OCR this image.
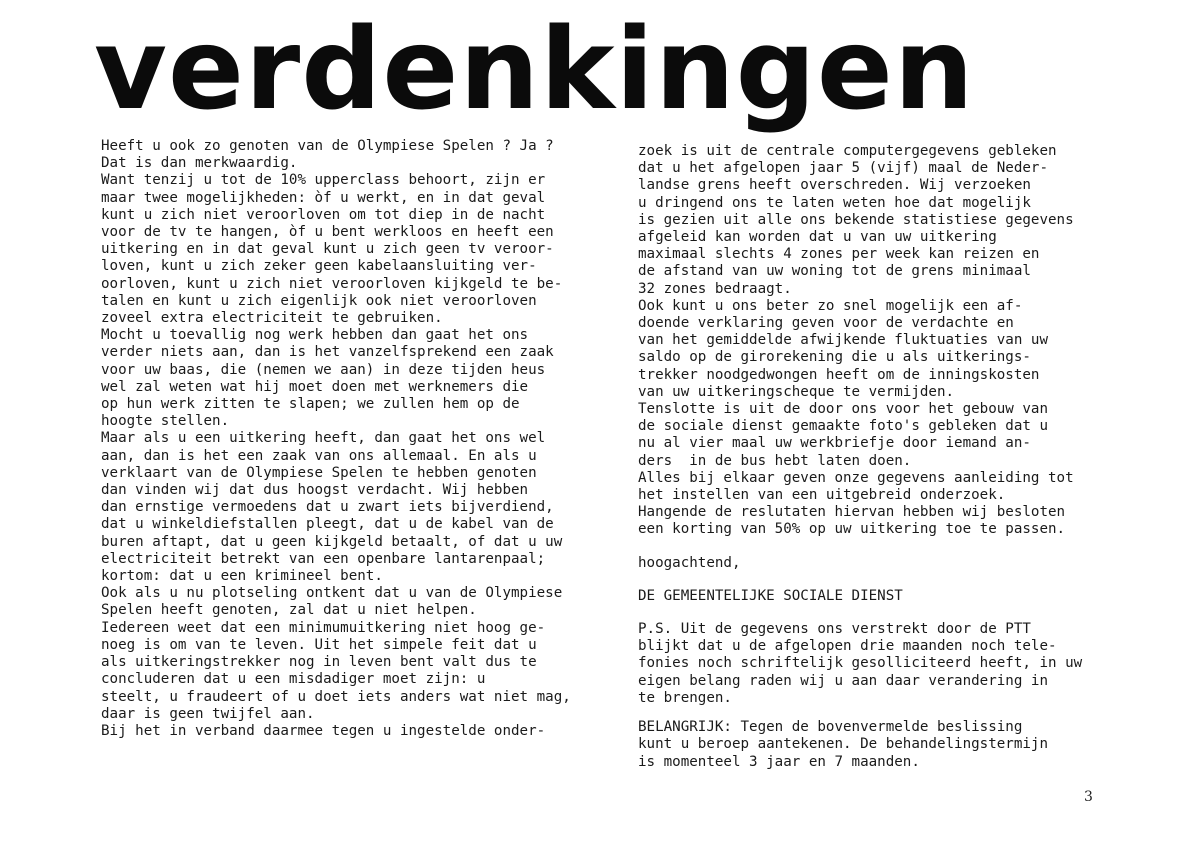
verdenkingen
Heeft u ook zo genoten van de Olympiese Spelen ? Ja ?
Dat is dan merkwaardig.
Want tenzij u tot de 10% upperclass behoort, zijn er
maar twee mogelijkheden: òf u werkt, en in dat geval
kunt u zich niet veroorloven om tot diep in de nacht
voor de tv te hangen, òf u bent werkloos en heeft een
uitkering en in dat geval kunt u zich geen tv veroor-
loven, kunt u zich zeker geen kabelaansluiting ver-
oorloven, kunt u zich niet veroorloven kijkgeld te be-
talen en kunt u zich eigenlijk ook niet veroorloven
zoveel extra electriciteit te gebruiken.
Mocht u toevallig nog werk hebben dan gaat het ons
verder niets aan, dan is het vanzelfsprekend een zaak
voor uw baas, die (nemen we aan) in deze tijden heus
wel zal weten wat hij moet doen met werknemers die
op hun werk zitten te slapen; we zullen hem op de
hoogte stellen.
Maar als u een uitkering heeft, dan gaat het ons wel
aan, dan is het een zaak van ons allemaal. En als u
verklaart van de Olympiese Spelen te hebben genoten
dan vinden wij dat dus hoogst verdacht. Wij hebben
dan ernstige vermoedens dat u zwart iets bijverdiend,
dat u winkeldiefstallen pleegt, dat u de kabel van de
buren aftapt, dat u geen kijkgeld betaalt, of dat u uw
electriciteit betrekt van een openbare lantarenpaal;
kortom: dat u een krimineel bent.
Ook als u nu plotseling ontkent dat u van de Olympiese
Spelen heeft genoten, zal dat u niet helpen.
Iedereen weet dat een minimumuitkering niet hoog ge-
noeg is om van te leven. Uit het simpele feit dat u
als uitkeringstrekker nog in leven bent valt dus te
concluderen dat u een misdadiger moet zijn: u
steelt, u fraudeert of u doet iets anders wat niet mag,
daar is geen twijfel aan.
Bij het in verband daarmee tegen u ingestelde onder-
zoek is uit de centrale computergegevens gebleken
dat u het afgelopen jaar 5 (vijf) maal de Neder-
landse grens heeft overschreden. Wij verzoeken
u dringend ons te laten weten hoe dat mogelijk
is gezien uit alle ons bekende statistiese gegevens
afgeleid kan worden dat u van uw uitkering
maximaal slechts 4 zones per week kan reizen en
de afstand van uw woning tot de grens minimaal
32 zones bedraagt.
Ook kunt u ons beter zo snel mogelijk een af-
doende verklaring geven voor de verdachte en
van het gemiddelde afwijkende fluktuaties van uw
saldo op de girorekening die u als uitkerings-
trekker noodgedwongen heeft om de inningskosten
van uw uitkeringscheque te vermijden.
Tenslotte is uit de door ons voor het gebouw van
de sociale dienst gemaakte foto's gebleken dat u
nu al vier maal uw werkbriefje door iemand an-
ders  in de bus hebt laten doen.
Alles bij elkaar geven onze gegevens aanleiding tot
het instellen van een uitgebreid onderzoek.
Hangende de reslutaten hiervan hebben wij besloten
een korting van 50% op uw uitkering toe te passen.
hoogachtend,
DE GEMEENTELIJKE SOCIALE DIENST
P.S. Uit de gegevens ons verstrekt door de PTT
blijkt dat u de afgelopen drie maanden noch tele-
fonies noch schriftelijk gesolliciteerd heeft, in uw
eigen belang raden wij u aan daar verandering in
te brengen.
BELANGRIJK: Tegen de bovenvermelde beslissing
kunt u beroep aantekenen. De behandelingstermijn
is momenteel 3 jaar en 7 maanden.
3
